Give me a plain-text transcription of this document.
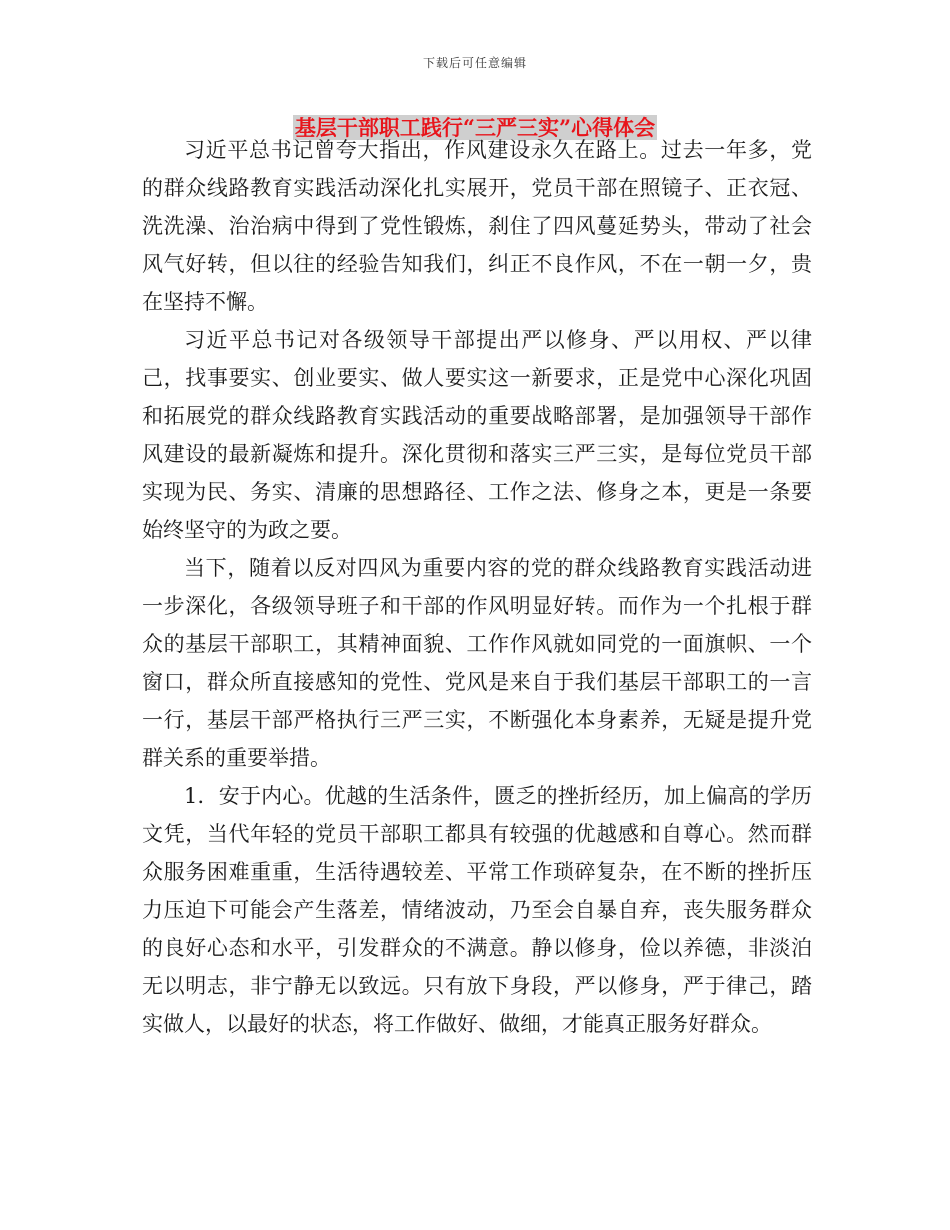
下载后可任意编辑
基层干部职工践行“三严三实”心得体会

习近平总书记曾夸大指出，作风建设永久在路上。过去一年多，党的群众线路教育实践活动深化扎实展开，党员干部在照镜子、正衣冠、洗洗澡、治治病中得到了党性锻炼，刹住了四风蔓延势头，带动了社会风气好转，但以往的经验告知我们，纠正不良作风，不在一朝一夕，贵在坚持不懈。

习近平总书记对各级领导干部提出严以修身、严以用权、严以律己，找事要实、创业要实、做人要实这一新要求，正是党中心深化巩固和拓展党的群众线路教育实践活动的重要战略部署，是加强领导干部作风建设的最新凝炼和提升。深化贯彻和落实三严三实，是每位党员干部实现为民、务实、清廉的思想路径、工作之法、修身之本，更是一条要始终坚守的为政之要。

当下，随着以反对四风为重要内容的党的群众线路教育实践活动进一步深化，各级领导班子和干部的作风明显好转。而作为一个扎根于群众的基层干部职工，其精神面貌、工作作风就如同党的一面旗帜、一个窗口，群众所直接感知的党性、党风是来自于我们基层干部职工的一言一行，基层干部严格执行三严三实，不断强化本身素养，无疑是提升党群关系的重要举措。

1．安于内心。优越的生活条件，匮乏的挫折经历，加上偏高的学历文凭，当代年轻的党员干部职工都具有较强的优越感和自尊心。然而群众服务困难重重，生活待遇较差、平常工作琐碎复杂，在不断的挫折压力压迫下可能会产生落差，情绪波动，乃至会自暴自弃，丧失服务群众的良好心态和水平，引发群众的不满意。静以修身，俭以养德，非淡泊无以明志，非宁静无以致远。只有放下身段，严以修身，严于律己，踏实做人，以最好的状态，将工作做好、做细，才能真正服务好群众。
